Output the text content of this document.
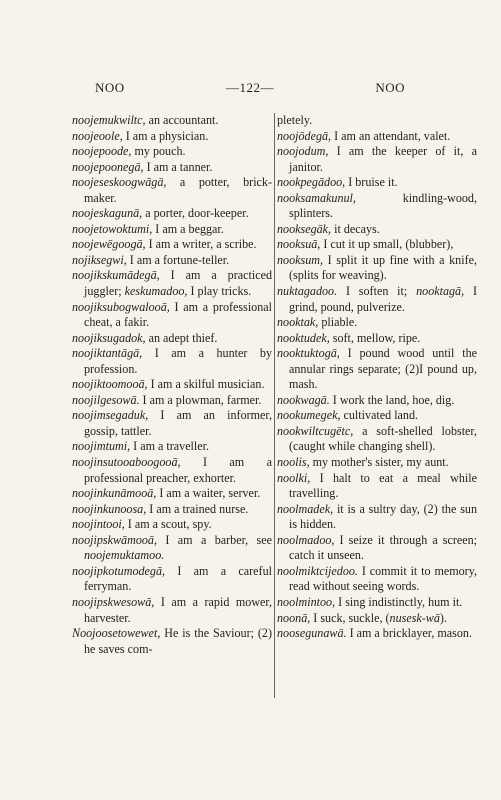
NOO	—122—	NOO

noojemukwiltc, an accountant.

noojeoole, I am a physician.

noojepoode, my pouch.

noojepoonegā, I am a tanner.

noojeseskoogwāgā, a potter, brick-maker.

noojeskagunā, a porter, door-keeper.

noojetowoktumi, I am a beggar.

noojewēgoogā, I am a writer, a scribe.

nojiksegwi, I am a fortune-teller.

noojikskumādegā, I am a practiced juggler; keskumadoo, I play tricks.

noojiksubogwalooā, I am a professional cheat, a fakir.

noojiksugadok, an adept thief.

noojiktantāgā, I am a hunter by profession.

noojiktoomooā, I am a skilful musician.

noojilgesowā. I am a plowman, farmer.

noojimsegaduk, I am an informer, gossip, tattler.

noojimtumi, I am a traveller.

noojinsutooaboogooā, I am a professional preacher, exhorter.

noojinkunāmooā, I am a waiter, server.

noojinkunoosa, I am a trained nurse.

noojintooi, I am a scout, spy.

noojipskwāmooā, I am a barber, see noojemuktamoo.

noojipkotumodegā, I am a careful ferryman.

noojipskwesowā, I am a rapid mower, harvester.

Noojoosetowewet, He is the Saviour; (2) he saves com-

pletely.

noojōdegā, I am an attendant, valet.

noojodum, I am the keeper of it, a janitor.

nookpegādoo, I bruise it.

nooksamakunul, kindling-wood, splinters.

nooksegāk, it decays.

nooksuā, I cut it up small, (blubber),

nooksum, I split it up fine with a knife, (splits for weaving).

nuktagadoo. I soften it; nooktagā, I grind, pound, pulverize.

nooktak, pliable.

nooktudek, soft, mellow, ripe.

nooktuktogā, I pound wood until the annular rings separate; (2)I pound up, mash.

nookwagā. I work the land, hoe, dig.

nookumegek, cultivated land.

nookwiltcugētc, a soft-shelled lobster, (caught while changing shell).

noolis, my mother's sister, my aunt.

noolki, I halt to eat a meal while travelling.

noolmadek, it is a sultry day, (2) the sun is hidden.

noolmadoo, I seize it through a screen; catch it unseen.

noolmiktcijedoo. I commit it to memory, read without seeing words.

noolmintoo, I sing indistinctly, hum it.

noonā, I suck, suckle, (nusesk-wā).

noosegunawā. I am a bricklayer, mason.
